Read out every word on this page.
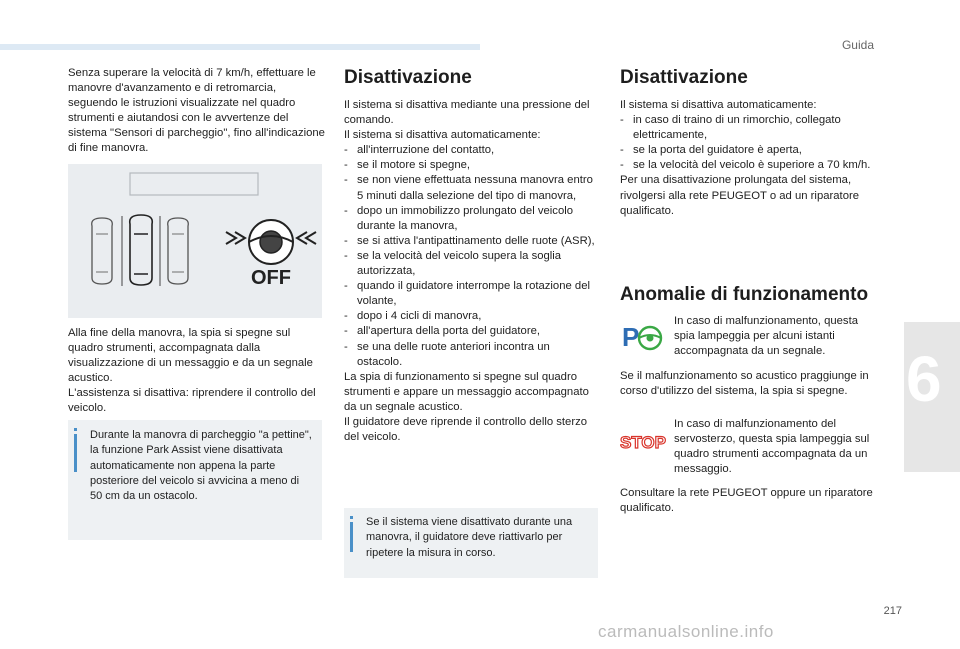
Guida
6
217

Senza superare la velocità di 7 km/h, effettuare le manovre d'avanzamento e di retromarcia, seguendo le istruzioni visualizzate nel quadro strumenti e aiutandosi con le avvertenze del sistema "Sensori di parcheggio", fino all'indicazione di fine manovra.

OFF

Alla fine della manovra, la spia si spegne sul quadro strumenti, accompagnata dalla visualizzazione di un messaggio e da un segnale acustico.

L'assistenza si disattiva: riprendere il controllo del veicolo.

Durante la manovra di parcheggio "a pettine", la funzione Park Assist viene disattivata automaticamente non appena la parte posteriore del veicolo si avvicina a meno di 50 cm da un ostacolo.

Disattivazione

Il sistema si disattiva mediante una pressione del comando.

Il sistema si disattiva automaticamente:

- all'interruzione del contatto,
- se il motore si spegne,
- se non viene effettuata nessuna manovra entro 5 minuti dalla selezione del tipo di manovra,
- dopo un immobilizzo prolungato del veicolo durante la manovra,
- se si attiva l'antipattinamento delle ruote (ASR),
- se la velocità del veicolo supera la soglia autorizzata,
- quando il guidatore interrompe la rotazione del volante,
- dopo i 4 cicli di manovra,
- all'apertura della porta del guidatore,
- se una delle ruote anteriori incontra un ostacolo.

La spia di funzionamento si spegne sul quadro strumenti e appare un messaggio accompagnato da un segnale acustico.

Il guidatore deve riprende il controllo dello sterzo del veicolo.

Se il sistema viene disattivato durante una manovra, il guidatore deve riattivarlo per ripetere la misura in corso.

Disattivazione

Il sistema si disattiva automaticamente:

- in caso di traino di un rimorchio, collegato elettricamente,
- se la porta del guidatore è aperta,
- se la velocità del veicolo è superiore a 70 km/h.

Per una disattivazione prolungata del sistema, rivolgersi alla rete PEUGEOT o ad un riparatore qualificato.

Anomalie di funzionamento
P

In caso di malfunzionamento, questa spia lampeggia per alcuni istanti accompagnata da un segnale.

Se il malfunzionamento so acustico praggiunge in corso d'utilizzo del sistema, la spia si spegne.

STOP

In caso di malfunzionamento del servosterzo, questa spia lampeggia sul quadro strumenti accompagnata da un messaggio.

Consultare la rete PEUGEOT oppure un riparatore qualificato.

carmanualsonline.info
